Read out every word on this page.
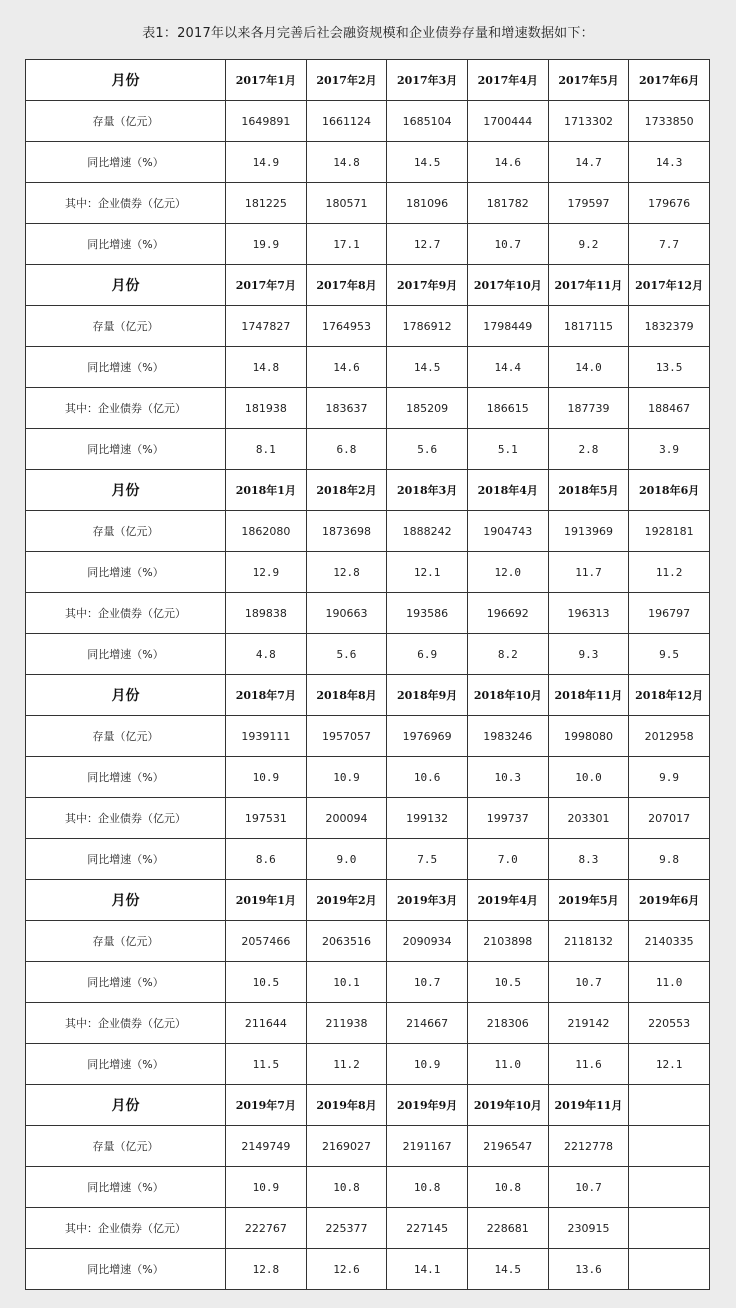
表1：2017年以来各月完善后社会融资规模和企业债券存量和增速数据如下：
月份	2017年1月	2017年2月	2017年3月	2017年4月	2017年5月	2017年6月
存量（亿元）	1649891	1661124	1685104	1700444	1713302	1733850
同比增速（%）	14.9	14.8	14.5	14.6	14.7	14.3
其中：企业债券（亿元）	181225	180571	181096	181782	179597	179676
同比增速（%）	19.9	17.1	12.7	10.7	9.2	7.7
月份	2017年7月	2017年8月	2017年9月	2017年10月	2017年11月	2017年12月
存量（亿元）	1747827	1764953	1786912	1798449	1817115	1832379
同比增速（%）	14.8	14.6	14.5	14.4	14.0	13.5
其中：企业债券（亿元）	181938	183637	185209	186615	187739	188467
同比增速（%）	8.1	6.8	5.6	5.1	2.8	3.9
月份	2018年1月	2018年2月	2018年3月	2018年4月	2018年5月	2018年6月
存量（亿元）	1862080	1873698	1888242	1904743	1913969	1928181
同比增速（%）	12.9	12.8	12.1	12.0	11.7	11.2
其中：企业债券（亿元）	189838	190663	193586	196692	196313	196797
同比增速（%）	4.8	5.6	6.9	8.2	9.3	9.5
月份	2018年7月	2018年8月	2018年9月	2018年10月	2018年11月	2018年12月
存量（亿元）	1939111	1957057	1976969	1983246	1998080	2012958
同比增速（%）	10.9	10.9	10.6	10.3	10.0	9.9
其中：企业债券（亿元）	197531	200094	199132	199737	203301	207017
同比增速（%）	8.6	9.0	7.5	7.0	8.3	9.8
月份	2019年1月	2019年2月	2019年3月	2019年4月	2019年5月	2019年6月
存量（亿元）	2057466	2063516	2090934	2103898	2118132	2140335
同比增速（%）	10.5	10.1	10.7	10.5	10.7	11.0
其中：企业债券（亿元）	211644	211938	214667	218306	219142	220553
同比增速（%）	11.5	11.2	10.9	11.0	11.6	12.1
月份	2019年7月	2019年8月	2019年9月	2019年10月	2019年11月	
存量（亿元）	2149749	2169027	2191167	2196547	2212778	
同比增速（%）	10.9	10.8	10.8	10.8	10.7	
其中：企业债券（亿元）	222767	225377	227145	228681	230915	
同比增速（%）	12.8	12.6	14.1	14.5	13.6	
